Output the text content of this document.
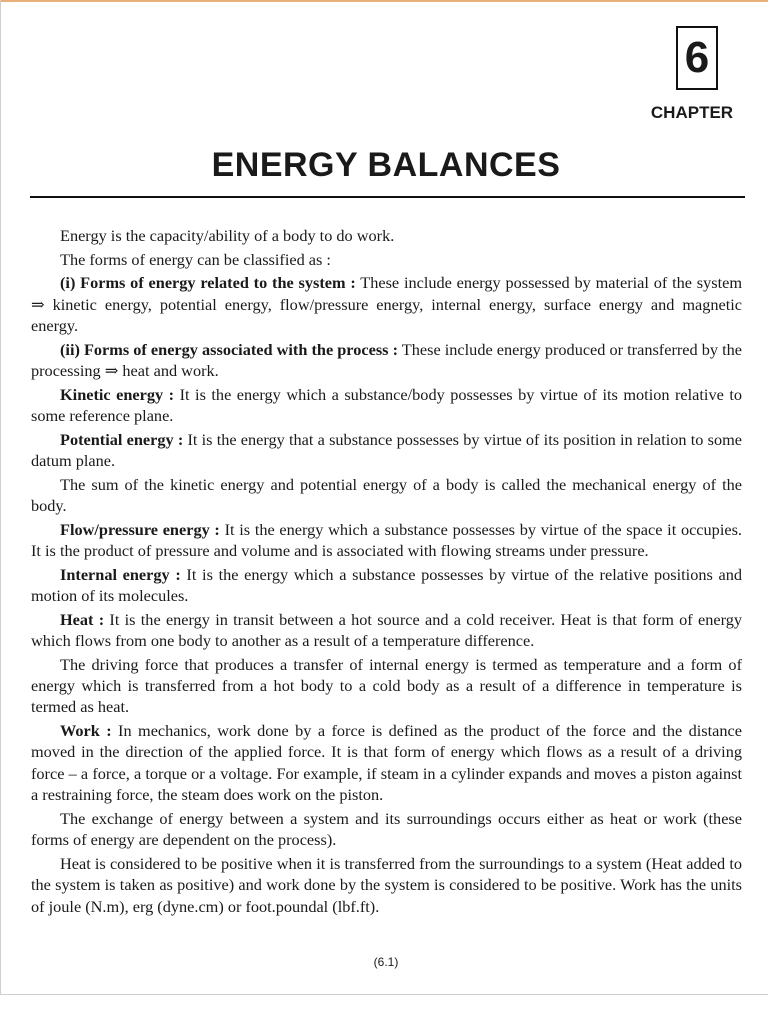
6
CHAPTER
ENERGY BALANCES

Energy is the capacity/ability of a body to do work.

The forms of energy can be classified as :

(i) Forms of energy related to the system : These include energy possessed by material of the system ⇒ kinetic energy, potential energy, flow/pressure energy, internal energy, surface energy and magnetic energy.

(ii) Forms of energy associated with the process : These include energy produced or transferred by the processing ⇒ heat and work.

Kinetic energy : It is the energy which a substance/body possesses by virtue of its motion relative to some reference plane.

Potential energy : It is the energy that a substance possesses by virtue of its position in relation to some datum plane.

The sum of the kinetic energy and potential energy of a body is called the mechanical energy of the body.

Flow/pressure energy : It is the energy which a substance possesses by virtue of the space it occupies. It is the product of pressure and volume and is associated with flowing streams under pressure.

Internal energy : It is the energy which a substance possesses by virtue of the relative positions and motion of its molecules.

Heat : It is the energy in transit between a hot source and a cold receiver. Heat is that form of energy which flows from one body to another as a result of a temperature difference.

The driving force that produces a transfer of internal energy is termed as temperature and a form of energy which is transferred from a hot body to a cold body as a result of a difference in temperature is termed as heat.

Work : In mechanics, work done by a force is defined as the product of the force and the distance moved in the direction of the applied force. It is that form of energy which flows as a result of a driving force – a force, a torque or a voltage. For example, if steam in a cylinder expands and moves a piston against a restraining force, the steam does work on the piston.

The exchange of energy between a system and its surroundings occurs either as heat or work (these forms of energy are dependent on the process).

Heat is considered to be positive when it is transferred from the surroundings to a system (Heat added to the system is taken as positive) and work done by the system is considered to be positive. Work has the units of joule (N.m), erg (dyne.cm) or foot.poundal (lbf.ft).

(6.1)
